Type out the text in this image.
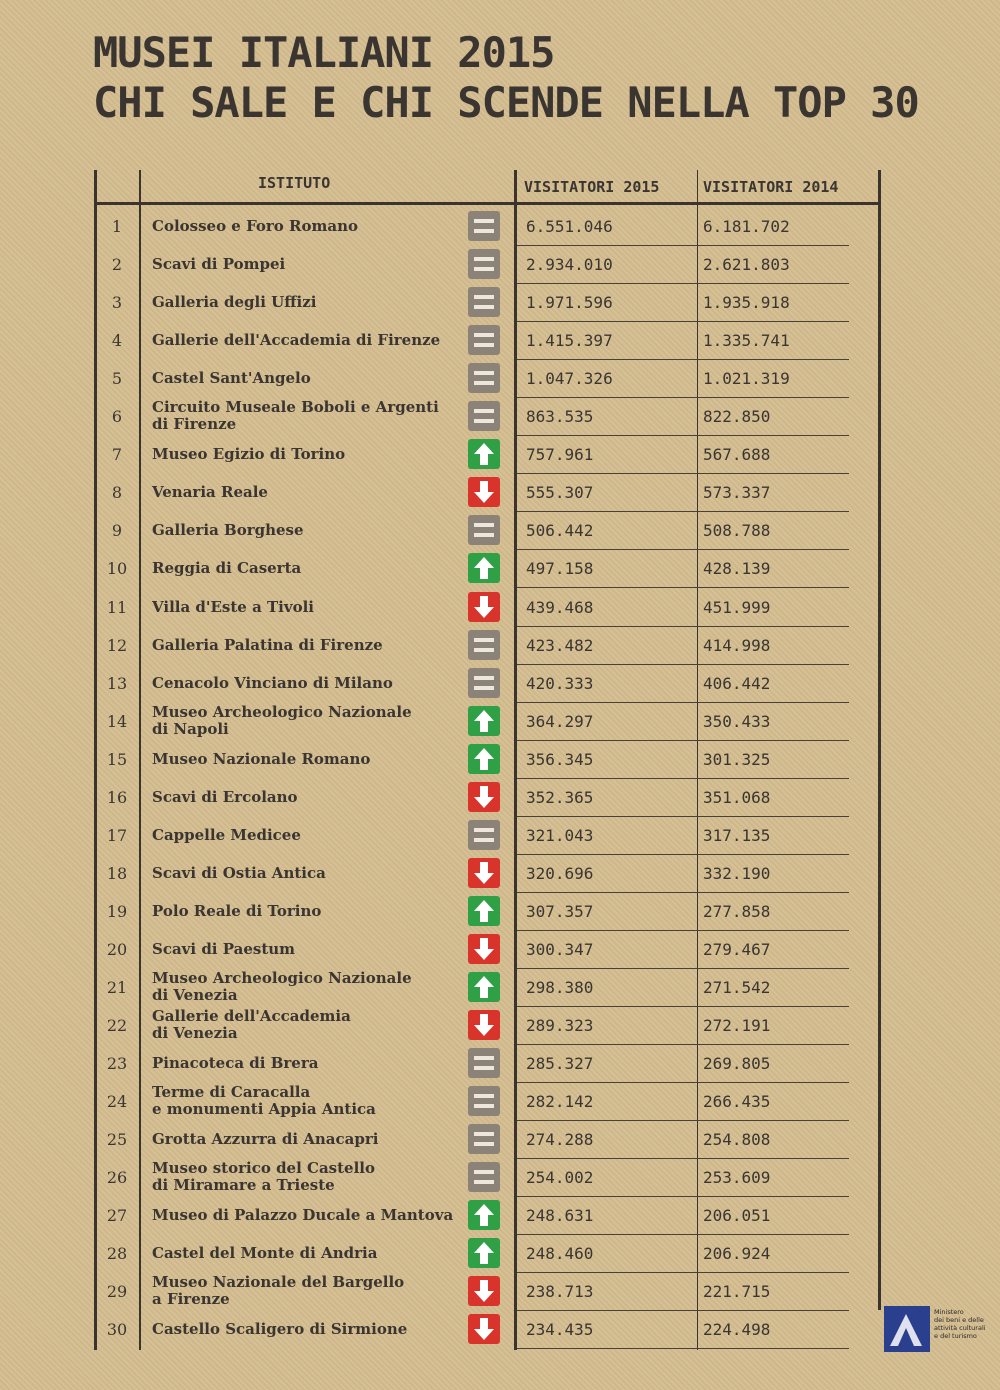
MUSEI ITALIANI 2015
CHI SALE E CHI SCENDE NELLA TOP 30
ISTITUTO	VISITATORI 2015	VISITATORI 2014
1	Colosseo e Foro Romano	6.551.046	6.181.702
2	Scavi di Pompei	2.934.010	2.621.803
3	Galleria degli Uffizi	1.971.596	1.935.918
4	Gallerie dell'Accademia di Firenze	1.415.397	1.335.741
5	Castel Sant'Angelo	1.047.326	1.021.319
6	Circuito Museale Boboli e Argenti
di Firenze	863.535	822.850
7	Museo Egizio di Torino	757.961	567.688
8	Venaria Reale	555.307	573.337
9	Galleria Borghese	506.442	508.788
10	Reggia di Caserta	497.158	428.139
11	Villa d'Este a Tivoli	439.468	451.999
12	Galleria Palatina di Firenze	423.482	414.998
13	Cenacolo Vinciano di Milano	420.333	406.442
14	Museo Archeologico Nazionale
di Napoli	364.297	350.433
15	Museo Nazionale Romano	356.345	301.325
16	Scavi di Ercolano	352.365	351.068
17	Cappelle Medicee	321.043	317.135
18	Scavi di Ostia Antica	320.696	332.190
19	Polo Reale di Torino	307.357	277.858
20	Scavi di Paestum	300.347	279.467
21	Museo Archeologico Nazionale
di Venezia	298.380	271.542
22	Gallerie dell'Accademia
di Venezia	289.323	272.191
23	Pinacoteca di Brera	285.327	269.805
24	Terme di Caracalla
e monumenti Appia Antica	282.142	266.435
25	Grotta Azzurra di Anacapri	274.288	254.808
26	Museo storico del Castello
di Miramare a Trieste	254.002	253.609
27	Museo di Palazzo Ducale a Mantova	248.631	206.051
28	Castel del Monte di Andria	248.460	206.924
29	Museo Nazionale del Bargello
a Firenze	238.713	221.715
30	Castello Scaligero di Sirmione	234.435	224.498
Ministero
dei beni e delle
attività culturali
e del turismo
